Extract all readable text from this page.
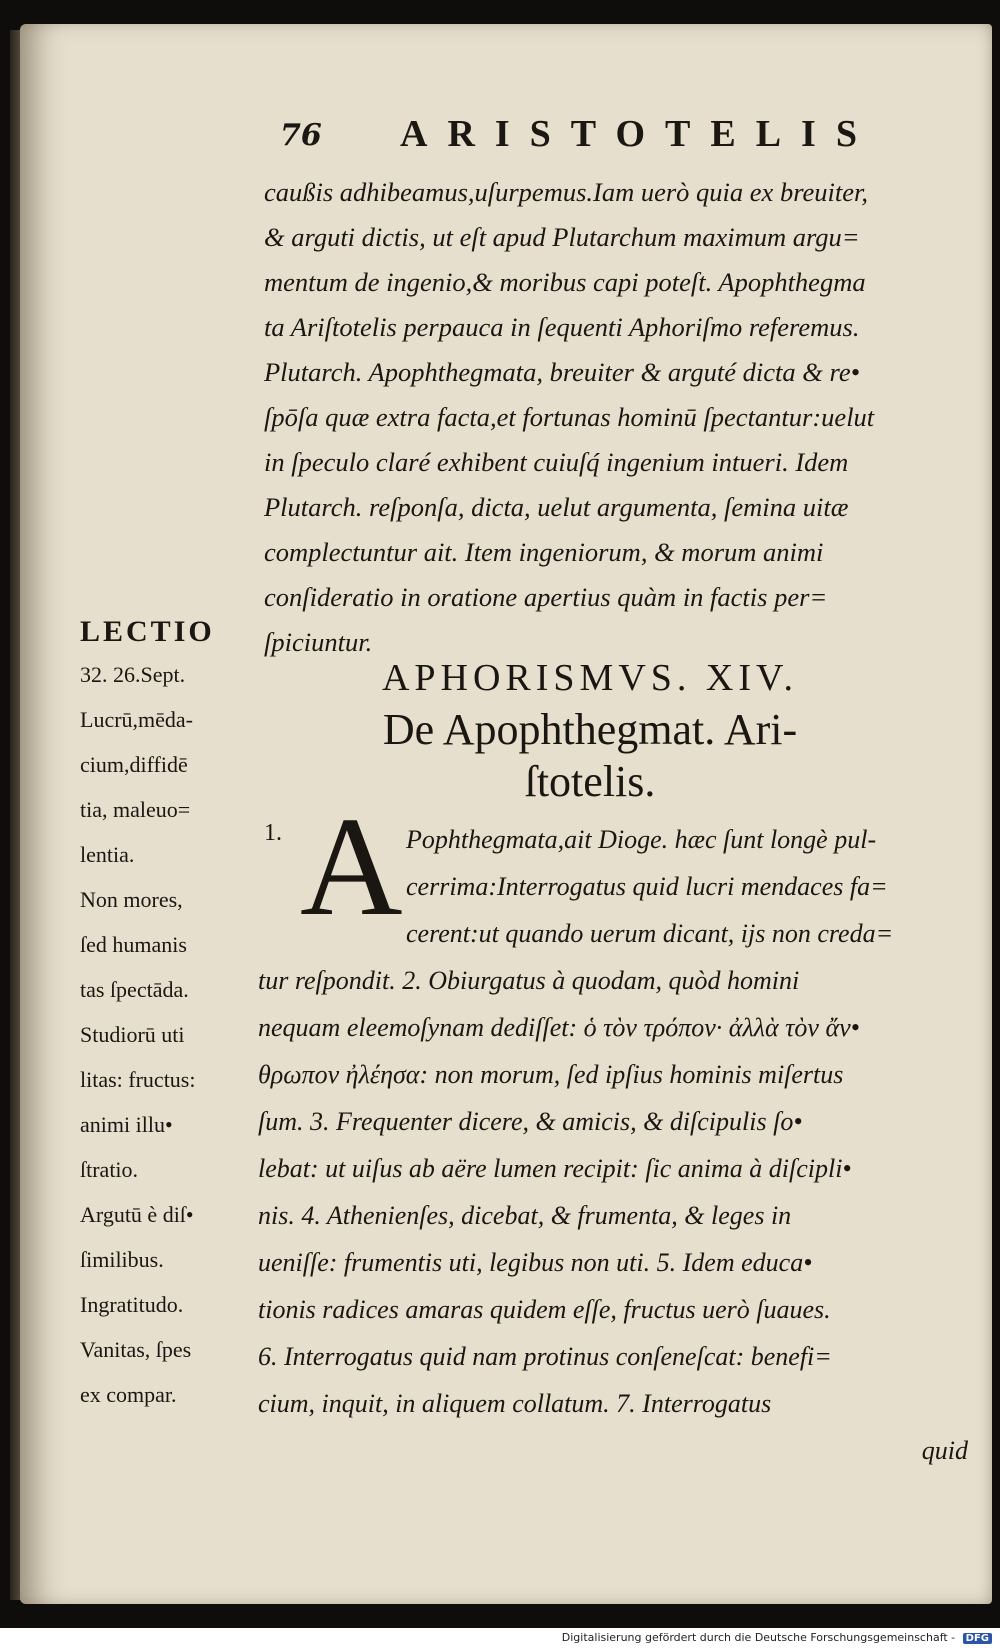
76 ARISTOTELIS
caußis adhibeamus,uſurpemus.Iam uerò quia ex breuiter,
& arguti dictis, ut eſt apud Plutarchum maximum argu=
mentum de ingenio,& moribus capi poteſt. Apophthegma
ta Ariſtotelis perpauca in ſequenti Aphoriſmo referemus.
Plutarch. Apophthegmata, breuiter & arguté dicta & re•
ſpōſa quæ extra facta,et fortunas hominū ſpectantur:uelut
in ſpeculo claré exhibent cuiuſq́ ingenium intueri. Idem
Plutarch. reſponſa, dicta, uelut argumenta, ſemina uitæ
complectuntur ait. Item ingeniorum, & morum animi
conſideratio in oratione apertius quàm in factis per=
ſpiciuntur.
LECTIO
32. 26.Sept.
Lucrū,mēda-
cium,diffidē
tia, maleuo=
lentia.
Non mores,
ſed humanis
tas ſpectāda.
Studiorū uti
litas: fructus:
animi illu•
ſtratio.
Argutū è diſ•
ſimilibus.
Ingratitudo.
Vanitas, ſpes
ex compar.
APHORISMVS. XIV.
De Apophthegmat. Ari-
ſtotelis.
1. A Pophthegmata,ait Dioge. hæc ſunt longè pul-
cerrima:Interrogatus quid lucri mendaces fa=
cerent:ut quando uerum dicant, ijs non creda=
tur reſpondit. 2. Obiurgatus à quodam, quòd homini
nequam eleemoſynam dediſſet: ὁ τὸν τρόπον· ἀλλὰ τὸν ἄν•
θρωπον ἠλέησα: non morum, ſed ipſius hominis miſertus
ſum. 3. Frequenter dicere, & amicis, & diſcipulis ſo•
lebat: ut uiſus ab aëre lumen recipit: ſic anima à diſcipli•
nis. 4. Athenienſes, dicebat, & frumenta, & leges in
ueniſſe: frumentis uti, legibus non uti. 5. Idem educa•
tionis radices amaras quidem eſſe, fructus uerò ſuaues.
6. Interrogatus quid nam protinus conſeneſcat: benefi=
cium, inquit, in aliquem collatum. 7. Interrogatus
quid
Digitalisierung gefördert durch die Deutsche Forschungsgemeinschaft - DFG
